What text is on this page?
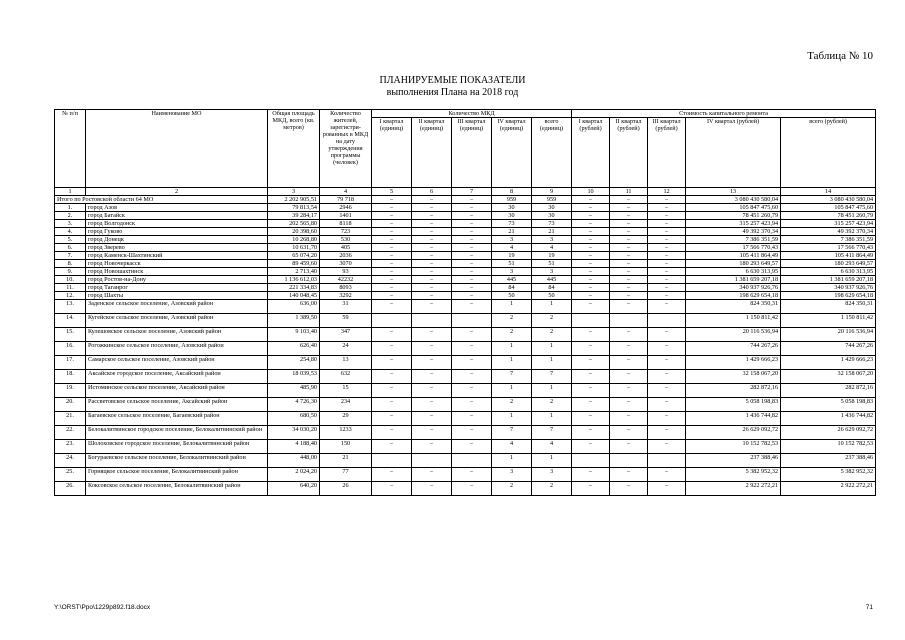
Таблица № 10
ПЛАНИРУЕМЫЕ ПОКАЗАТЕЛИ
выполнения Плана на 2018 год
№ п/п	Наименование МО	Общая площадь МКД, всего (кв. метров)	Количество жителей, зарегистри-рованных в МКД на дату утверждения программы (человек)	Количество МКД					Стоимость капитального ремонта				
				I квартал (единиц)	II квартал (единиц)	III квартал (единиц)	IV квартал (единиц)	всего (единиц)	I квартал (рублей)	II квартал (рублей)	III квартал (рублей)	IV квартал (рублей)	всего (рублей)
1	2	3	4	5	6	7	8	9	10	11	12	13	14
Итого по Ростовской области 64 МО		2 202 905,51	79 718	–	–	–	959	959	–	–	–	3 080 430 580,04	3 080 430 580,04
1.	город Азов	79 813,54	2946	–	–	–	30	30	–	–	–	105 847 475,60	105 847 475,60
2.	город Батайск	39 284,17	1401	–	–	–	30	30	–	–	–	78 451 260,79	78 451 260,79
3.	город Волгодонск	202 565,80	8118	–	–	–	73	73	–	–	–	315 257 423,94	315 257 423,94
4.	город Гуково	20 398,60	723	–	–	–	21	21	–	–	–	49 392 370,34	49 392 370,34
5.	город Донецк	10 268,80	530	–	–	–	3	3	–	–	–	7 386 351,59	7 386 351,59
6.	город Зверево	10 631,70	405	–	–	–	4	4	–	–	–	17 566 770,43	17 566 770,43
7.	город Каменск-Шахтинский	65 074,20	2036	–	–	–	19	19	–	–	–	105 411 864,49	105 411 864,49
8.	город Новочеркасск	89 459,60	3070	–	–	–	51	51	–	–	–	180 293 649,57	180 293 649,57
9.	город Новошахтинск	2 713,40	93	–	–	–	3	3	–	–	–	6 630 313,95	6 630 313,95
10.	город Ростов-на-Дону	1 136 612,03	42232	–	–	–	445	445	–	–	–	1 381 659 207,18	1 381 659 207,18
11.	город Таганрог	221 334,83	8093	–	–	–	84	84	–	–	–	340 937 926,76	340 937 926,76
12.	город Шахты	140 048,45	3292	–	–	–	50	50	–	–	–	198 629 654,18	198 629 654,18
13.	Заденское сельское поселение, Азовский район	636,00	31	–	–	–	1	1	–	–	–	824 350,31	824 350,31
14.	Кугейское сельское поселение, Азовский район	1 389,50	59				2	2				1 150 811,42	1 150 811,42
15.	Кулешовское сельское поселение, Азовский район	9 103,40	347	–	–	–	2	2	–	–	–	20 116 536,94	20 116 536,94
16.	Рогожкинское сельское поселение, Азовский район	626,40	24	–	–	–	1	1	–	–	–	744 267,26	744 267,26
17.	Самарское сельское поселение, Азовский район	254,80	13	–	–	–	1	1	–	–	–	1 429 666,23	1 429 666,23
18.	Аксайское городское поселение, Аксайский район	18 039,53	632	–	–	–	7	7	–	–	–	32 158 067,20	32 158 067,20
19.	Истоминское сельское поселение, Аксайский район	485,90	15	–	–	–	1	1	–	–	–	282 872,16	282 872,16
20.	Рассветовское сельское поселение, Аксайский район	4 726,30	234	–	–	–	2	2	–	–	–	5 058 198,83	5 058 198,83
21.	Багаевское сельское поселение, Багаевский район	680,50	29	–	–	–	1	1	–	–	–	1 436 744,82	1 436 744,82
22.	Белокалитвинское городское поселение, Белокалитвинский район	34 030,20	1233	–	–	–	7	7	–	–	–	26 629 092,72	26 629 092,72
23.	Шолоховское городское поселение, Белокалитвинский район	4 188,40	150	–	–	–	4	4	–	–	–	10 152 782,53	10 152 782,53
24.	Богураевское сельское поселение, Белокалитвинский район	448,00	21				1	1				237 388,46	237 388,46
25.	Горняцкое сельское поселение, Белокалитвинский район	2 024,20	77	–	–	–	3	3	–	–	–	5 382 952,32	5 382 952,32
26.	Коксовское сельское поселение, Белокалитвинский район	640,20	26	–	–	–	2	2	–	–	–	2 922 272,21	2 922 272,21
Y:\ORST\Ppo\1229p892.f18.docx	71
